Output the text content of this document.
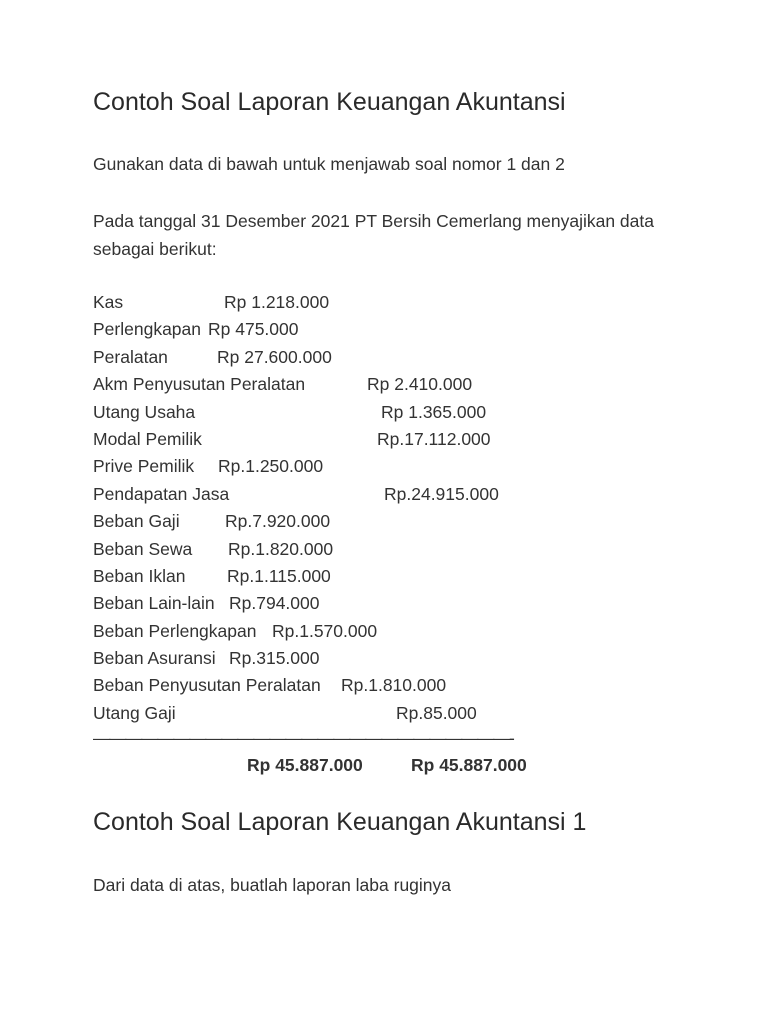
Contoh Soal Laporan Keuangan Akuntansi

Gunakan data di bawah untuk menjawab soal nomor 1 dan 2

Pada tanggal 31 Desember 2021 PT Bersih Cemerlang menyajikan data sebagai berikut:

Kas	Rp 1.218.000
Perlengkapan Rp 475.000
Peralatan	Rp 27.600.000
Akm Penyusutan Peralatan	Rp 2.410.000
Utang Usaha	Rp 1.365.000
Modal Pemilik	Rp.17.112.000
Prive Pemilik Rp.1.250.000
Pendapatan Jasa	Rp.24.915.000
Beban Gaji	Rp.7.920.000
Beban Sewa Rp.1.820.000
Beban Iklan Rp.1.115.000
Beban Lain-lain Rp.794.000
Beban Perlengkapan Rp.1.570.000
Beban Asuransi Rp.315.000
Beban Penyusutan Peralatan Rp.1.810.000
Utang Gaji	Rp.85.000
——————————————————————————-
Rp 45.887.000	Rp 45.887.000
Contoh Soal Laporan Keuangan Akuntansi 1

Dari data di atas, buatlah laporan laba ruginya
